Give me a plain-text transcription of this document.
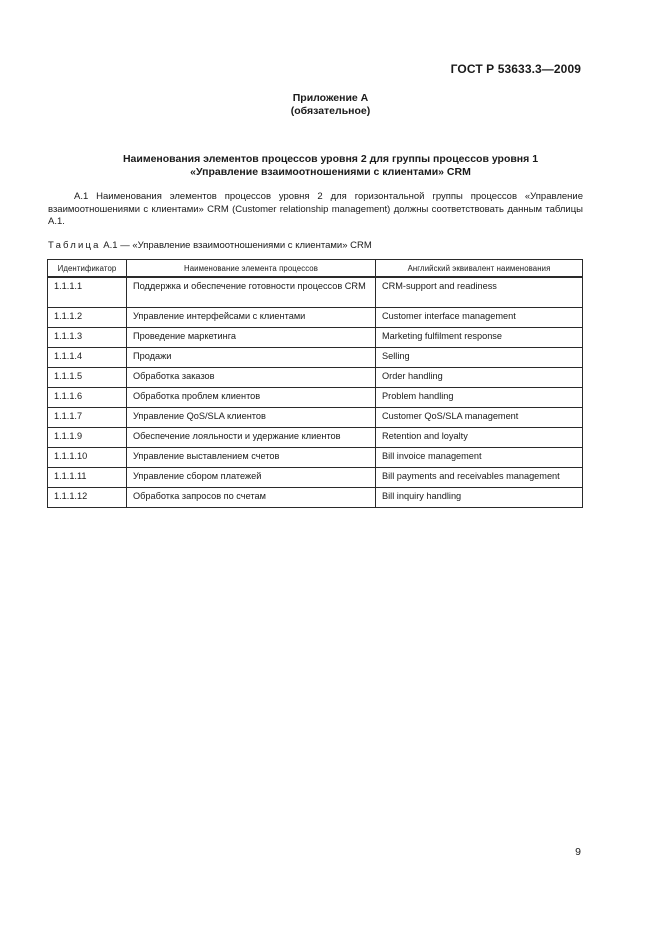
ГОСТ Р 53633.3—2009
Приложение А
(обязательное)
Наименования элементов процессов уровня 2 для группы процессов уровня 1
«Управление взаимоотношениями с клиентами» CRM
А.1 Наименования элементов процессов уровня 2 для горизонтальной группы процессов «Управление взаимоотношениями с клиентами» CRM (Customer relationship management) должны соответствовать данным таблицы А.1.
Таблица А.1 — «Управление взаимоотношениями с клиентами» CRM
Идентификатор	Наименование элемента процессов	Английский эквивалент наименования
1.1.1.1	Поддержка и обеспечение готовности процессов CRM	CRM-support and readiness
1.1.1.2	Управление интерфейсами с клиентами	Customer interface management
1.1.1.3	Проведение маркетинга	Marketing fulfilment response
1.1.1.4	Продажи	Selling
1.1.1.5	Обработка заказов	Order handling
1.1.1.6	Обработка проблем клиентов	Problem handling
1.1.1.7	Управление QoS/SLA клиентов	Customer QoS/SLA management
1.1.1.9	Обеспечение лояльности и удержание клиентов	Retention and loyalty
1.1.1.10	Управление выставлением счетов	Bill invoice management
1.1.1.11	Управление сбором платежей	Bill payments and receivables management
1.1.1.12	Обработка запросов по счетам	Bill inquiry handling
9
